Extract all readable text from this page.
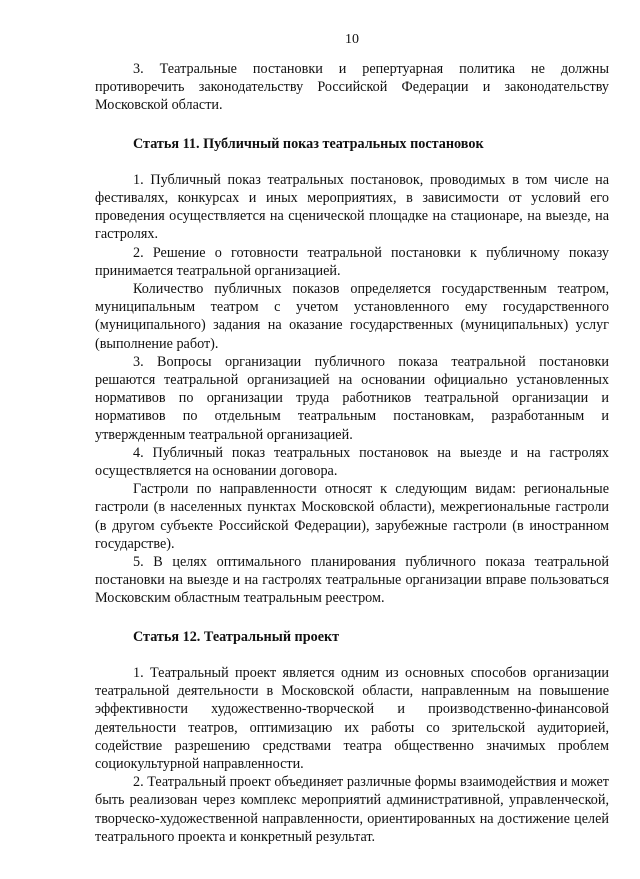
10

3. Театральные постановки и репертуарная политика не должны противоречить законодательству Российской Федерации и законодательству Московской области.

Статья 11. Публичный показ театральных постановок

1. Публичный показ театральных постановок, проводимых в том числе на фестивалях, конкурсах и иных мероприятиях, в зависимости от условий его проведения осуществляется на сценической площадке на стационаре, на выезде, на гастролях.

2. Решение о готовности театральной постановки к публичному показу принимается театральной организацией.

Количество публичных показов определяется государственным театром, муниципальным театром с учетом установленного ему государственного (муниципального) задания на оказание государственных (муниципальных) услуг (выполнение работ).

3. Вопросы организации публичного показа театральной постановки решаются театральной организацией на основании официально установленных нормативов по организации труда работников театральной организации и нормативов по отдельным театральным постановкам, разработанным и утвержденным театральной организацией.

4. Публичный показ театральных постановок на выезде и на гастролях осуществляется на основании договора.

Гастроли по направленности относят к следующим видам: региональные гастроли (в населенных пунктах Московской области), межрегиональные гастроли (в другом субъекте Российской Федерации), зарубежные гастроли (в иностранном государстве).

5. В целях оптимального планирования публичного показа театральной постановки на выезде и на гастролях театральные организации вправе пользоваться Московским областным театральным реестром.

Статья 12. Театральный проект

1. Театральный проект является одним из основных способов организации театральной деятельности в Московской области, направленным на повышение эффективности художественно-творческой и производственно-финансовой деятельности театров, оптимизацию их работы со зрительской аудиторией, содействие разрешению средствами театра общественно значимых проблем социокультурной направленности.

2. Театральный проект объединяет различные формы взаимодействия и может быть реализован через комплекс мероприятий административной, управленческой, творческо-художественной направленности, ориентированных на достижение целей театрального проекта и конкретный результат.
